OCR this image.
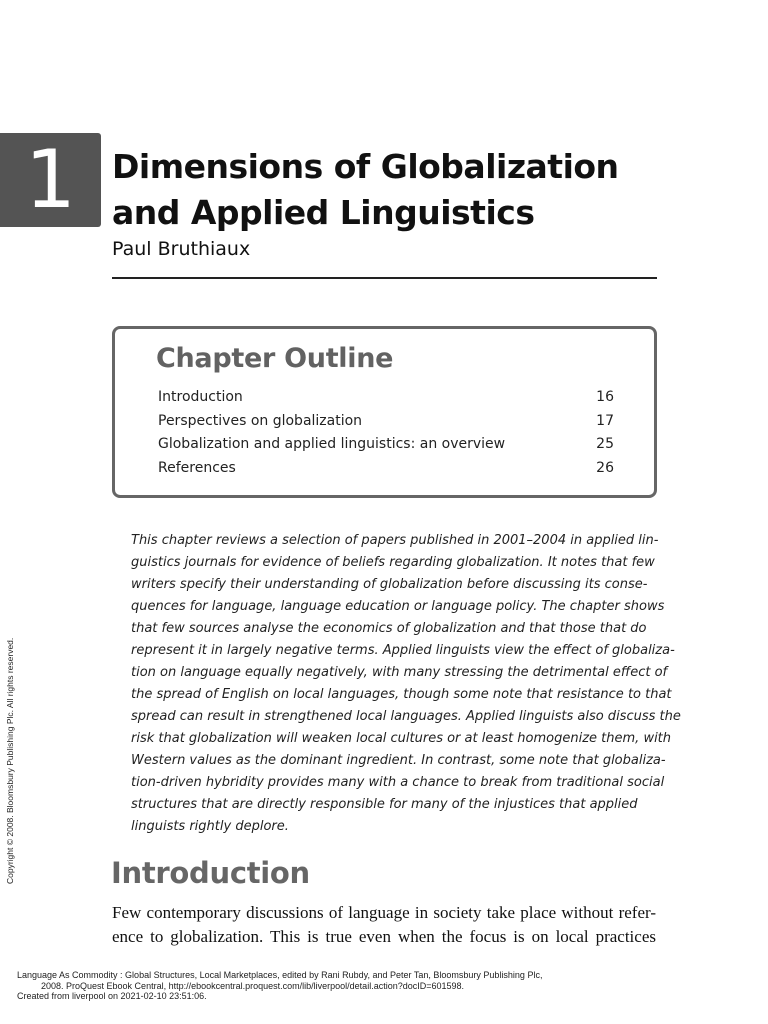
1	Dimensions of Globalization
and Applied Linguistics
Paul Bruthiaux
Chapter Outline
Introduction	16
Perspectives on globalization	17
Globalization and applied linguistics: an overview	25
References	26

This chapter reviews a selection of papers published in 2001–2004 in applied lin-
guistics journals for evidence of beliefs regarding globalization. It notes that few
writers specify their understanding of globalization before discussing its conse-
quences for language, language education or language policy. The chapter shows
that few sources analyse the economics of globalization and that those that do
represent it in largely negative terms. Applied linguists view the effect of globaliza-
tion on language equally negatively, with many stressing the detrimental effect of
the spread of English on local languages, though some note that resistance to that
spread can result in strengthened local languages. Applied linguists also discuss the
risk that globalization will weaken local cultures or at least homogenize them, with
Western values as the dominant ingredient. In contrast, some note that globaliza-
tion-driven hybridity provides many with a chance to break from traditional social
structures that are directly responsible for many of the injustices that applied
linguists rightly deplore.

Introduction

Few contemporary discussions of language in society take place without refer-
ence to globalization. This is true even when the focus is on local practices

Copyright © 2008. Bloomsbury Publishing Plc. All rights reserved.
Language As Commodity : Global Structures, Local Marketplaces, edited by Rani Rubdy, and Peter Tan, Bloomsbury Publishing Plc,
2008. ProQuest Ebook Central, http://ebookcentral.proquest.com/lib/liverpool/detail.action?docID=601598.
Created from liverpool on 2021-02-10 23:51:06.
